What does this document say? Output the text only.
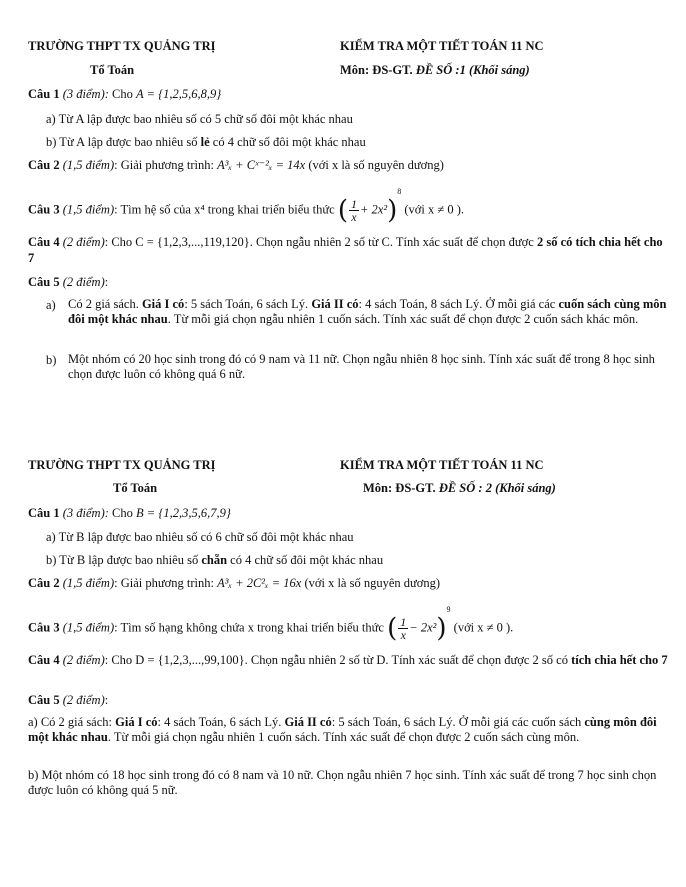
TRƯỜNG THPT TX QUẢNG TRỊ	KIỂM TRA MỘT TIẾT TOÁN 11 NC
Tổ Toán	Môn: ĐS-GT. ĐỀ SỐ :1 (Khối sáng)
Câu 1 (3 điểm): Cho A = {1,2,5,6,8,9}
a) Từ A lập được bao nhiêu số có 5 chữ số đôi một khác nhau
b) Từ A lập được bao nhiêu số lẻ có 4 chữ số đôi một khác nhau
Câu 2 (1,5 điểm): Giải phương trình: A³ₓ + Cˣ⁻²ₓ = 14x (với x là số nguyên dương)
Câu 3 (1,5 điểm): Tìm hệ số của x⁴ trong khai triển biểu thức ( $\frac{1}{x} + 2x^2)^8$ (với x ≠ 0 ).
Câu 4 (2 điểm): Cho C = {1,2,3,...,119,120}. Chọn ngẫu nhiên 2 số từ C. Tính xác suất để chọn được 2 số có tích chia hết cho 7
Câu 5 (2 điểm):
a) Có 2 giá sách. Giá I có: 5 sách Toán, 6 sách Lý. Giá II có: 4 sách Toán, 8 sách Lý. Ở mỗi giá các cuốn sách cùng môn đôi một khác nhau. Từ mỗi giá chọn ngẫu nhiên 1 cuốn sách. Tính xác suất để chọn được 2 cuốn sách khác môn.
b) Một nhóm có 20 học sinh trong đó có 9 nam và 11 nữ. Chọn ngẫu nhiên 8 học sinh. Tính xác suất để trong 8 học sinh chọn được luôn có không quá 6 nữ.
TRƯỜNG THPT TX QUẢNG TRỊ	KIỂM TRA MỘT TIẾT TOÁN 11 NC
Tổ Toán	Môn: ĐS-GT. ĐỀ SỐ : 2 (Khối sáng)
Câu 1 (3 điểm): Cho B = {1,2,3,5,6,7,9}
a) Từ B lập được bao nhiêu số có 6 chữ số đôi một khác nhau
b) Từ B lập được bao nhiêu số chẵn có 4 chữ số đôi một khác nhau
Câu 2 (1,5 điểm): Giải phương trình: A³ₓ + 2C²ₓ = 16x (với x là số nguyên dương)
Câu 3 (1,5 điểm): Tìm số hạng không chứa x trong khai triển biểu thức ( $\frac{1}{x} - 2x^2)^9$ (với x ≠ 0 ).
Câu 4 (2 điểm): Cho D = {1,2,3,...,99,100}. Chọn ngẫu nhiên 2 số từ D. Tính xác suất để chọn được 2 số có tích chia hết cho 7
Câu 5 (2 điểm):
a) Có 2 giá sách: Giá I có: 4 sách Toán, 6 sách Lý. Giá II có: 5 sách Toán, 6 sách Lý. Ở mỗi giá các cuốn sách cùng môn đôi một khác nhau. Từ mỗi giá chọn ngẫu nhiên 1 cuốn sách. Tính xác suất để chọn được 2 cuốn sách cùng môn.
b) Một nhóm có 18 học sinh trong đó có 8 nam và 10 nữ. Chọn ngẫu nhiên 7 học sinh. Tính xác suất để trong 7 học sinh chọn được luôn có không quá 5 nữ.
